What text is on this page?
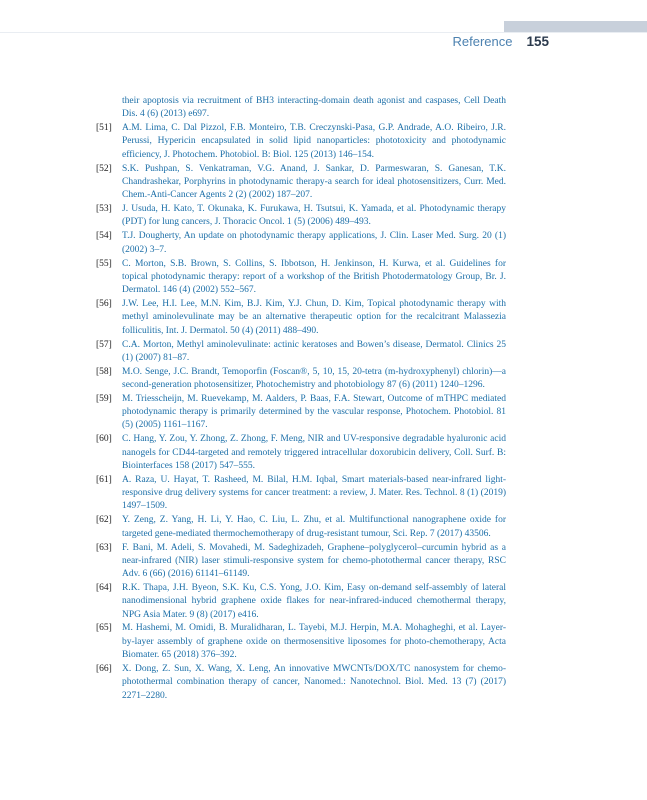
Reference 155
their apoptosis via recruitment of BH3 interacting-domain death agonist and caspases, Cell Death Dis. 4 (6) (2013) e697.
[51] A.M. Lima, C. Dal Pizzol, F.B. Monteiro, T.B. Creczynski-Pasa, G.P. Andrade, A.O. Ribeiro, J.R. Perussi, Hypericin encapsulated in solid lipid nanoparticles: phototoxicity and photodynamic efficiency, J. Photochem. Photobiol. B: Biol. 125 (2013) 146–154.
[52] S.K. Pushpan, S. Venkatraman, V.G. Anand, J. Sankar, D. Parmeswaran, S. Ganesan, T.K. Chandrashekar, Porphyrins in photodynamic therapy-a search for ideal photosensitizers, Curr. Med. Chem.-Anti-Cancer Agents 2 (2) (2002) 187–207.
[53] J. Usuda, H. Kato, T. Okunaka, K. Furukawa, H. Tsutsui, K. Yamada, et al. Photodynamic therapy (PDT) for lung cancers, J. Thoracic Oncol. 1 (5) (2006) 489–493.
[54] T.J. Dougherty, An update on photodynamic therapy applications, J. Clin. Laser Med. Surg. 20 (1) (2002) 3–7.
[55] C. Morton, S.B. Brown, S. Collins, S. Ibbotson, H. Jenkinson, H. Kurwa, et al. Guidelines for topical photodynamic therapy: report of a workshop of the British Photodermatology Group, Br. J. Dermatol. 146 (4) (2002) 552–567.
[56] J.W. Lee, H.I. Lee, M.N. Kim, B.J. Kim, Y.J. Chun, D. Kim, Topical photodynamic therapy with methyl aminolevulinate may be an alternative therapeutic option for the recalcitrant Malassezia folliculitis, Int. J. Dermatol. 50 (4) (2011) 488–490.
[57] C.A. Morton, Methyl aminolevulinate: actinic keratoses and Bowen’s disease, Dermatol. Clinics 25 (1) (2007) 81–87.
[58] M.O. Senge, J.C. Brandt, Temoporfin (Foscan®, 5, 10, 15, 20-tetra (m-hydroxyphenyl) chlorin)—a second-generation photosensitizer, Photochemistry and photobiology 87 (6) (2011) 1240–1296.
[59] M. Triesscheijn, M. Ruevekamp, M. Aalders, P. Baas, F.A. Stewart, Outcome of mTHPC mediated photodynamic therapy is primarily determined by the vascular response, Photochem. Photobiol. 81 (5) (2005) 1161–1167.
[60] C. Hang, Y. Zou, Y. Zhong, Z. Zhong, F. Meng, NIR and UV-responsive degradable hyaluronic acid nanogels for CD44-targeted and remotely triggered intracellular doxorubicin delivery, Coll. Surf. B: Biointerfaces 158 (2017) 547–555.
[61] A. Raza, U. Hayat, T. Rasheed, M. Bilal, H.M. Iqbal, Smart materials-based near-infrared light-responsive drug delivery systems for cancer treatment: a review, J. Mater. Res. Technol. 8 (1) (2019) 1497–1509.
[62] Y. Zeng, Z. Yang, H. Li, Y. Hao, C. Liu, L. Zhu, et al. Multifunctional nanographene oxide for targeted gene-mediated thermochemotherapy of drug-resistant tumour, Sci. Rep. 7 (2017) 43506.
[63] F. Bani, M. Adeli, S. Movahedi, M. Sadeghizadeh, Graphene–polyglycerol–curcumin hybrid as a near-infrared (NIR) laser stimuli-responsive system for chemo-photothermal cancer therapy, RSC Adv. 6 (66) (2016) 61141–61149.
[64] R.K. Thapa, J.H. Byeon, S.K. Ku, C.S. Yong, J.O. Kim, Easy on-demand self-assembly of lateral nanodimensional hybrid graphene oxide flakes for near-infrared-induced chemothermal therapy, NPG Asia Mater. 9 (8) (2017) e416.
[65] M. Hashemi, M. Omidi, B. Muralidharan, L. Tayebi, M.J. Herpin, M.A. Mohagheghi, et al. Layer-by-layer assembly of graphene oxide on thermosensitive liposomes for photo-chemotherapy, Acta Biomater. 65 (2018) 376–392.
[66] X. Dong, Z. Sun, X. Wang, X. Leng, An innovative MWCNTs/DOX/TC nanosystem for chemo-photothermal combination therapy of cancer, Nanomed.: Nanotechnol. Biol. Med. 13 (7) (2017) 2271–2280.
